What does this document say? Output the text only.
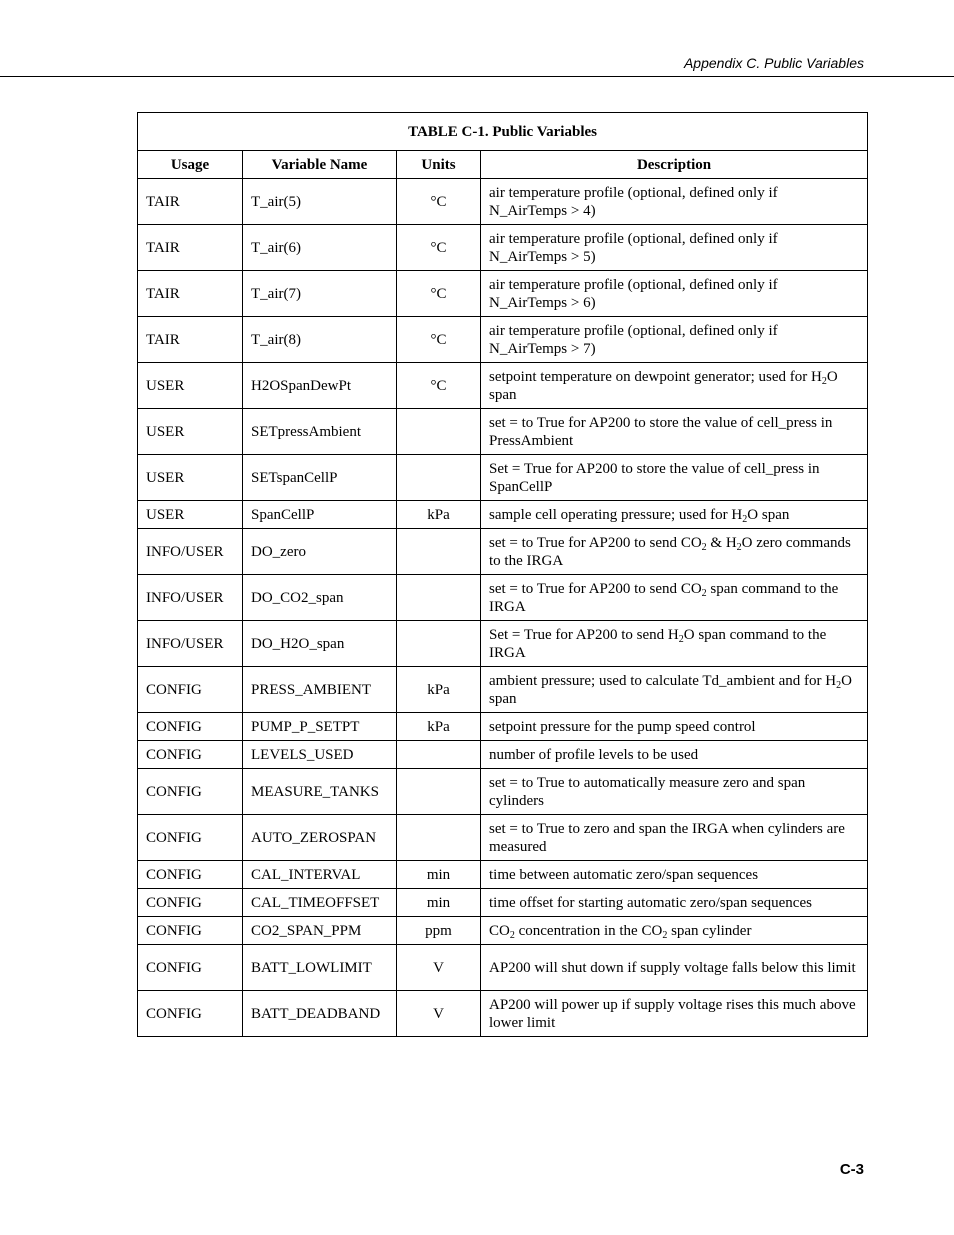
Appendix C. Public Variables
TABLE C-1. Public Variables			
Usage	Variable Name	Units	Description
TAIR	T_air(5)	°C	air temperature profile (optional, defined only if N_AirTemps > 4)
TAIR	T_air(6)	°C	air temperature profile (optional, defined only if N_AirTemps > 5)
TAIR	T_air(7)	°C	air temperature profile (optional, defined only if N_AirTemps > 6)
TAIR	T_air(8)	°C	air temperature profile (optional, defined only if N_AirTemps > 7)
USER	H2OSpanDewPt	°C	setpoint temperature on dewpoint generator; used for $H_2O$ span
USER	SETpressAmbient		set = to True for AP200 to store the value of cell_press in PressAmbient
USER	SETspanCellP		Set = True for AP200 to store the value of cell_press in SpanCellP
USER	SpanCellP	kPa	sample cell operating pressure; used for $H_2O$ span
INFO/USER	DO_zero		set = to True for AP200 to send $CO_2$ & $H_2O$ zero commands to the IRGA
INFO/USER	DO_CO2_span		set = to True for AP200 to send $CO_2$ span command to the IRGA
INFO/USER	DO_H2O_span		Set = True for AP200 to send $H_2O$ span command to the IRGA
CONFIG	PRESS_AMBIENT	kPa	ambient pressure; used to calculate Td_ambient and for $H_2O$ span
CONFIG	PUMP_P_SETPT	kPa	setpoint pressure for the pump speed control
CONFIG	LEVELS_USED		number of profile levels to be used
CONFIG	MEASURE_TANKS		set = to True to automatically measure zero and span cylinders
CONFIG	AUTO_ZEROSPAN		set = to True to zero and span the IRGA when cylinders are measured
CONFIG	CAL_INTERVAL	min	time between automatic zero/span sequences
CONFIG	CAL_TIMEOFFSET	min	time offset for starting automatic zero/span sequences
CONFIG	CO2_SPAN_PPM	ppm	$CO_2$ concentration in the $CO_2$ span cylinder
CONFIG	BATT_LOWLIMIT	V	AP200 will shut down if supply voltage falls below this limit
CONFIG	BATT_DEADBAND	V	AP200 will power up if supply voltage rises this much above lower limit
C-3
